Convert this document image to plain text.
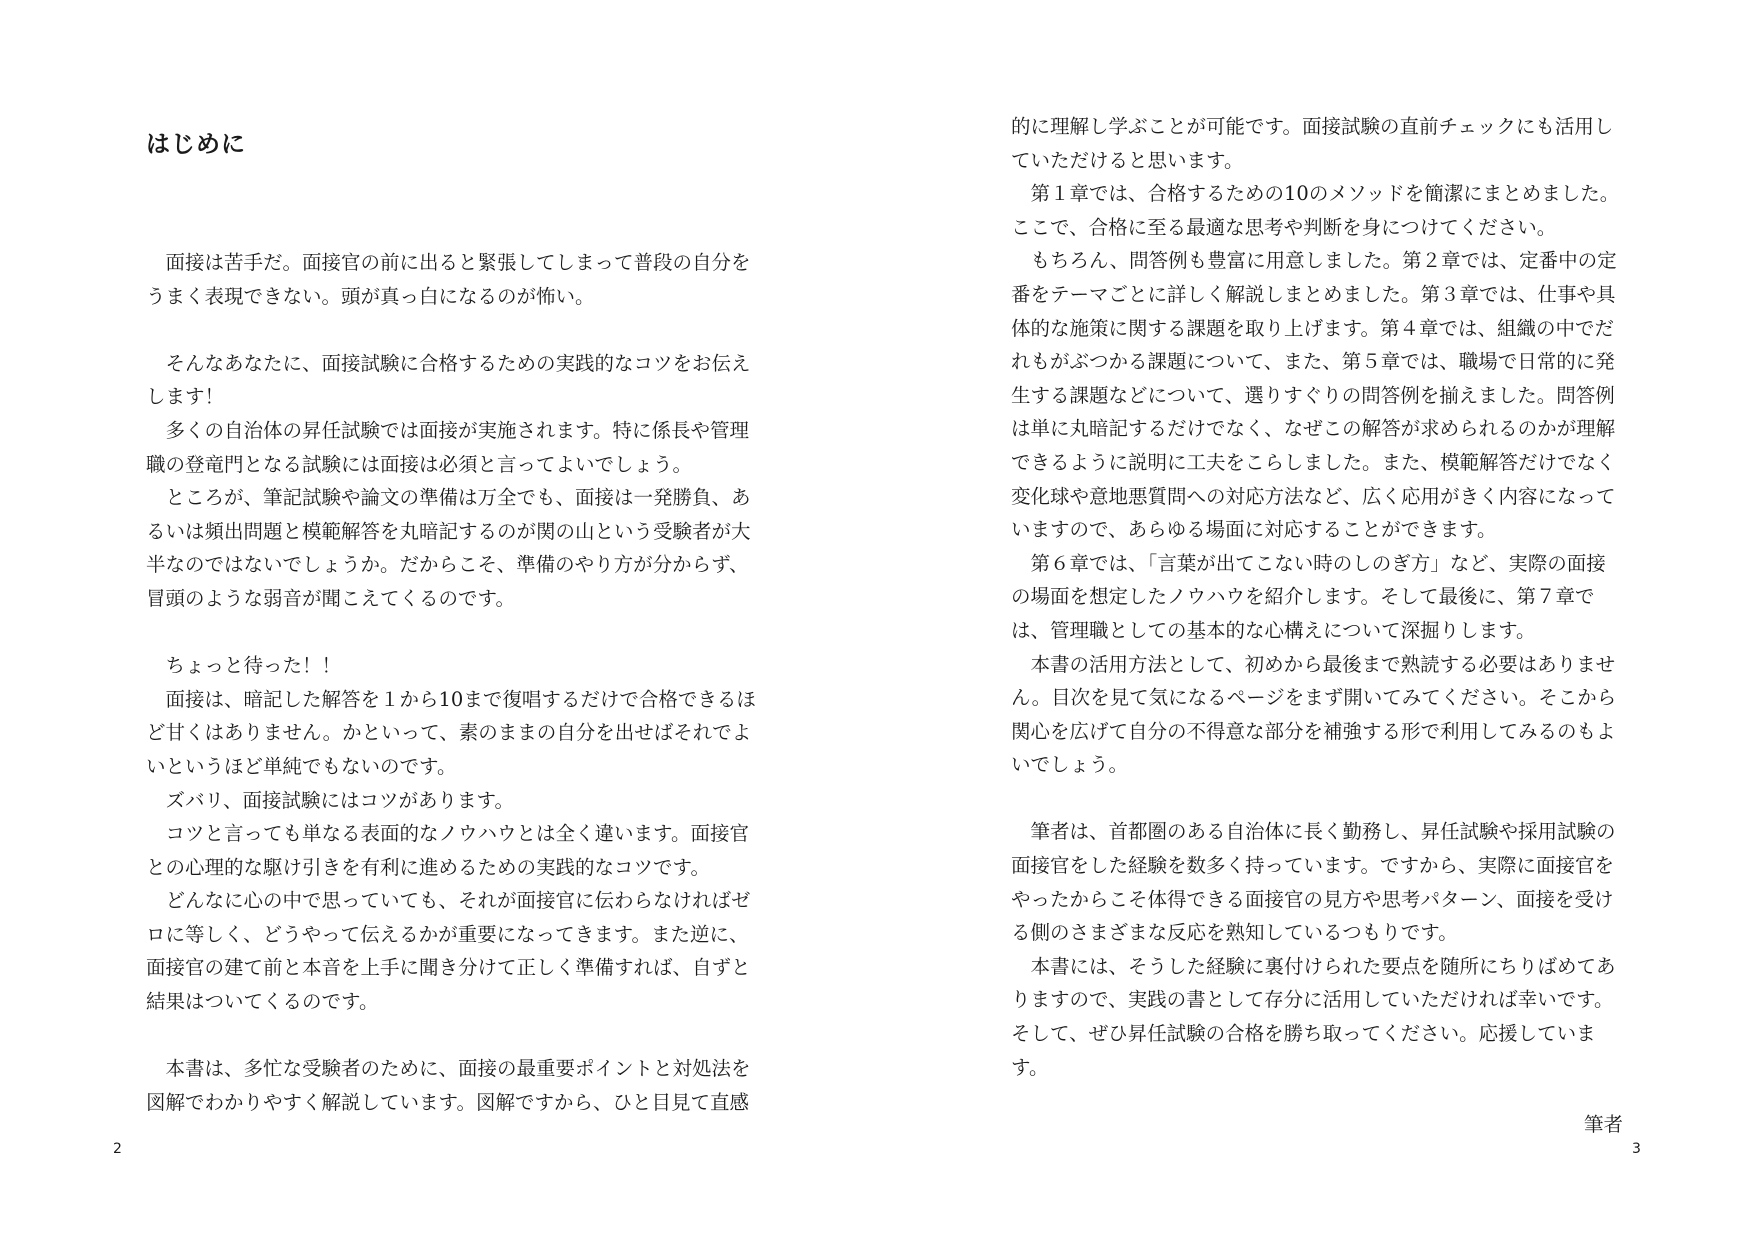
はじめに

面接は苦手だ。面接官の前に出ると緊張してしまって普段の自分をうまく表現できない。頭が真っ白になるのが怖い。

そんなあなたに、面接試験に合格するための実践的なコツをお伝えします！

多くの自治体の昇任試験では面接が実施されます。特に係長や管理職の登竜門となる試験には面接は必須と言ってよいでしょう。

ところが、筆記試験や論文の準備は万全でも、面接は一発勝負、あるいは頻出問題と模範解答を丸暗記するのが関の山という受験者が大半なのではないでしょうか。だからこそ、準備のやり方が分からず、冒頭のような弱音が聞こえてくるのです。

ちょっと待った！！

面接は、暗記した解答を１から10まで復唱するだけで合格できるほど甘くはありません。かといって、素のままの自分を出せばそれでよいというほど単純でもないのです。

ズバリ、面接試験にはコツがあります。

コツと言っても単なる表面的なノウハウとは全く違います。面接官との心理的な駆け引きを有利に進めるための実践的なコツです。

どんなに心の中で思っていても、それが面接官に伝わらなければゼロに等しく、どうやって伝えるかが重要になってきます。また逆に、面接官の建て前と本音を上手に聞き分けて正しく準備すれば、自ずと結果はついてくるのです。

本書は、多忙な受験者のために、面接の最重要ポイントと対処法を図解でわかりやすく解説しています。図解ですから、ひと目見て直感

2

的に理解し学ぶことが可能です。面接試験の直前チェックにも活用していただけると思います。

第１章では、合格するための10のメソッドを簡潔にまとめました。ここで、合格に至る最適な思考や判断を身につけてください。

もちろん、問答例も豊富に用意しました。第２章では、定番中の定番をテーマごとに詳しく解説しまとめました。第３章では、仕事や具体的な施策に関する課題を取り上げます。第４章では、組織の中でだれもがぶつかる課題について、また、第５章では、職場で日常的に発生する課題などについて、選りすぐりの問答例を揃えました。問答例は単に丸暗記するだけでなく、なぜこの解答が求められるのかが理解できるように説明に工夫をこらしました。また、模範解答だけでなく変化球や意地悪質問への対応方法など、広く応用がきく内容になっていますので、あらゆる場面に対応することができます。

第６章では、「言葉が出てこない時のしのぎ方」など、実際の面接の場面を想定したノウハウを紹介します。そして最後に、第７章では、管理職としての基本的な心構えについて深掘りします。

本書の活用方法として、初めから最後まで熟読する必要はありません。目次を見て気になるページをまず開いてみてください。そこから関心を広げて自分の不得意な部分を補強する形で利用してみるのもよいでしょう。

筆者は、首都圏のある自治体に長く勤務し、昇任試験や採用試験の面接官をした経験を数多く持っています。ですから、実際に面接官をやったからこそ体得できる面接官の見方や思考パターン、面接を受ける側のさまざまな反応を熟知しているつもりです。

本書には、そうした経験に裏付けられた要点を随所にちりばめてありますので、実践の書として存分に活用していただければ幸いです。そして、ぜひ昇任試験の合格を勝ち取ってください。応援しています。

筆者

3
